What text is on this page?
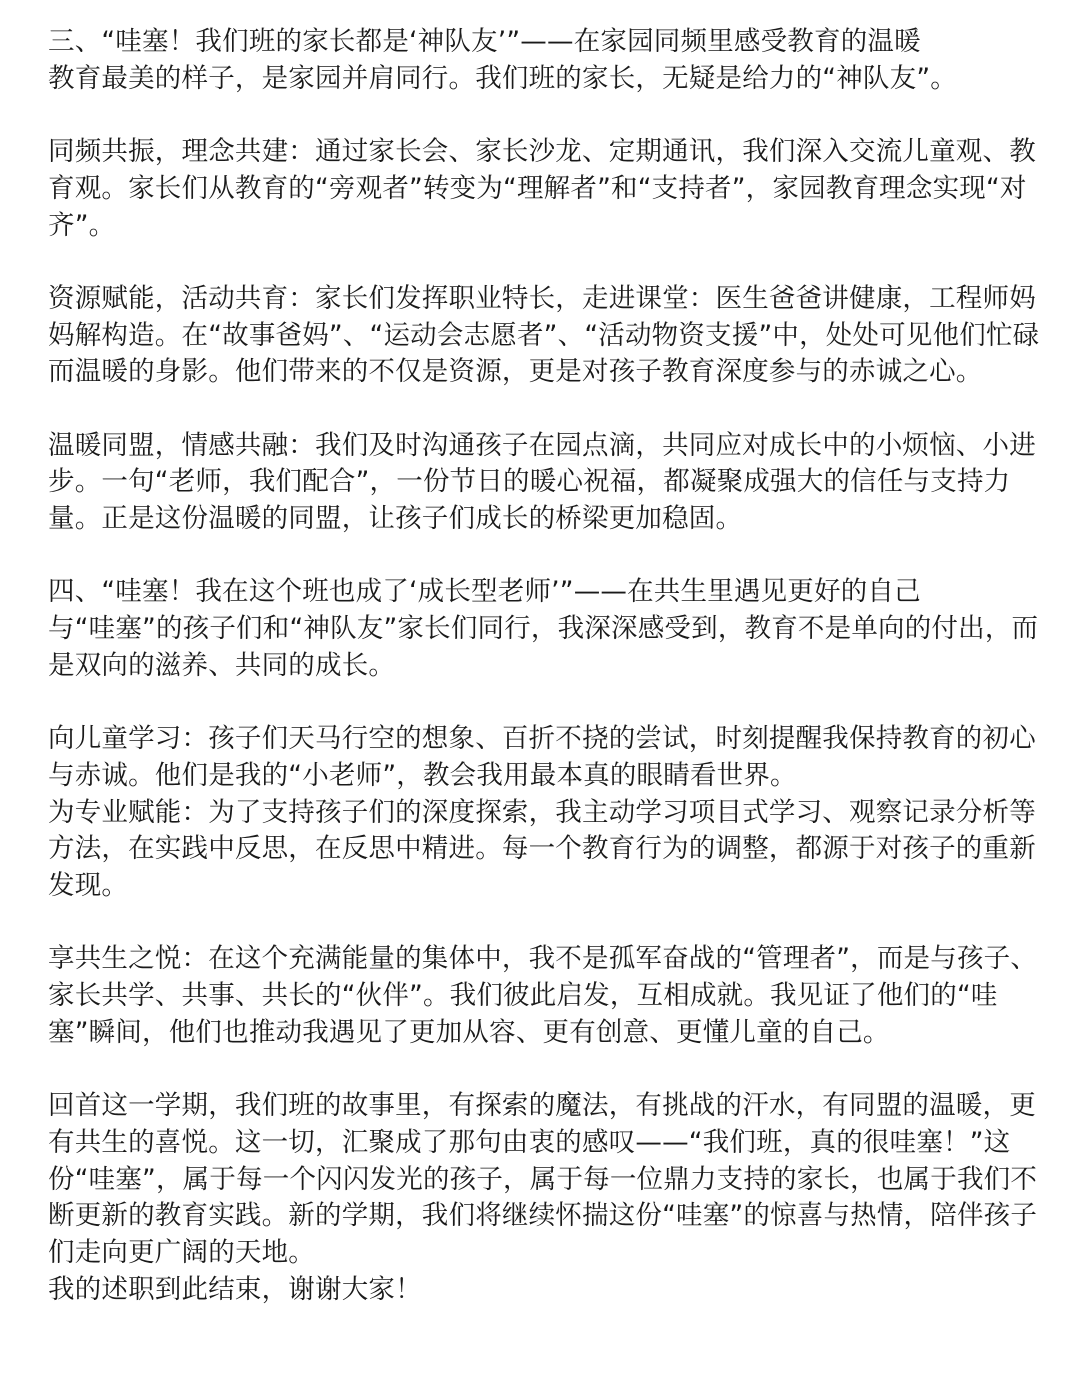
三、“哇塞！我们班的家长都是‘神队友’”——在家园同频里感受教育的温暖

教育最美的样子，是家园并肩同行。我们班的家长，无疑是给力的“神队友”。

同频共振，理念共建：通过家长会、家长沙龙、定期通讯，我们深入交流儿童观、教育观。家长们从教育的“旁观者”转变为“理解者”和“支持者”，家园教育理念实现“对齐”。

资源赋能，活动共育：家长们发挥职业特长，走进课堂：医生爸爸讲健康，工程师妈妈解构造。在“故事爸妈”、“运动会志愿者”、“活动物资支援”中，处处可见他们忙碌而温暖的身影。他们带来的不仅是资源，更是对孩子教育深度参与的赤诚之心。

温暖同盟，情感共融：我们及时沟通孩子在园点滴，共同应对成长中的小烦恼、小进步。一句“老师，我们配合”，一份节日的暖心祝福，都凝聚成强大的信任与支持力量。正是这份温暖的同盟，让孩子们成长的桥梁更加稳固。

四、“哇塞！我在这个班也成了‘成长型老师’”——在共生里遇见更好的自己

与“哇塞”的孩子们和“神队友”家长们同行，我深深感受到，教育不是单向的付出，而是双向的滋养、共同的成长。

向儿童学习：孩子们天马行空的想象、百折不挠的尝试，时刻提醒我保持教育的初心与赤诚。他们是我的“小老师”，教会我用最本真的眼睛看世界。

为专业赋能：为了支持孩子们的深度探索，我主动学习项目式学习、观察记录分析等方法，在实践中反思，在反思中精进。每一个教育行为的调整，都源于对孩子的重新发现。

享共生之悦：在这个充满能量的集体中，我不是孤军奋战的“管理者”，而是与孩子、家长共学、共事、共长的“伙伴”。我们彼此启发，互相成就。我见证了他们的“哇塞”瞬间，他们也推动我遇见了更加从容、更有创意、更懂儿童的自己。

回首这一学期，我们班的故事里，有探索的魔法，有挑战的汗水，有同盟的温暖，更有共生的喜悦。这一切，汇聚成了那句由衷的感叹——“我们班，真的很哇塞！”这份“哇塞”，属于每一个闪闪发光的孩子，属于每一位鼎力支持的家长，也属于我们不断更新的教育实践。新的学期，我们将继续怀揣这份“哇塞”的惊喜与热情，陪伴孩子们走向更广阔的天地。

我的述职到此结束，谢谢大家！
